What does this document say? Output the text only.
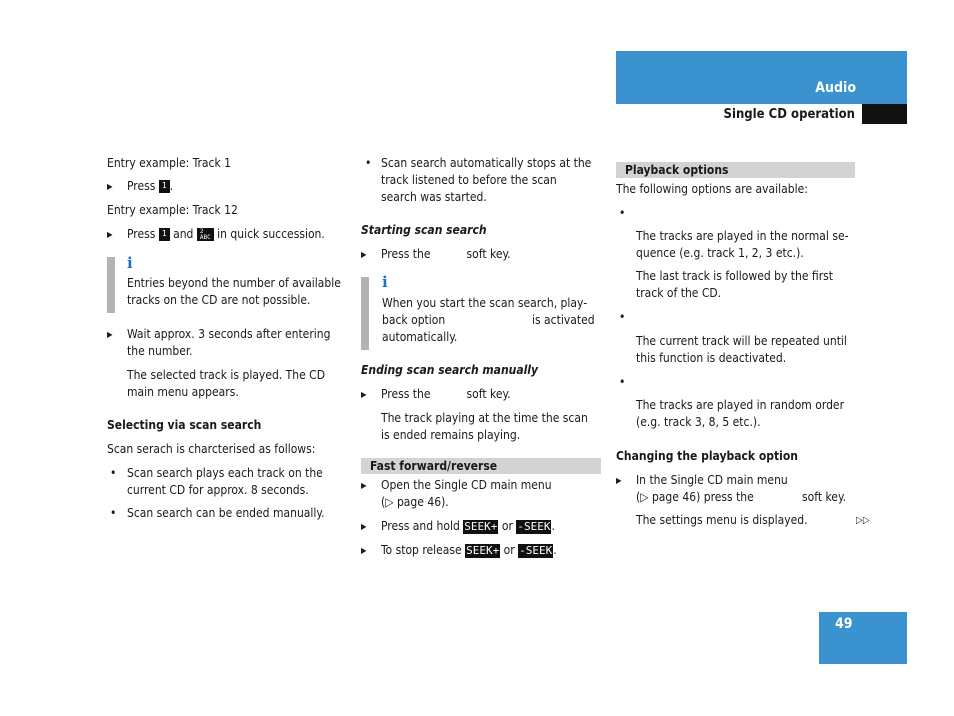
Audio
Single CD operation
Entry example: Track 1
▶ Press 1 .
Entry example: Track 12
▶ Press 1 and 2
ABC in quick succession.
i
Entries beyond the number of available
tracks on the CD are not possible.
▶ Wait approx. 3 seconds after entering
the number.
The selected track is played. The CD
main menu appears.
Selecting via scan search
Scan serach is charcterised as follows:
• Scan search plays each track on the
current CD for approx. 8 seconds.
• Scan search can be ended manually.
• Scan search automatically stops at the
track listened to before the scan
search was started.
Starting scan search
▶ Press the	soft key.
i
When you start the scan search, play-
back option	is activated
automatically.
Ending scan search manually
▶ Press the	soft key.
The track playing at the time the scan
is ended remains playing.
Fast forward/reverse
▶ Open the Single CD main menu
(▷ page 46).
▶ Press and hold SEEK+ or -SEEK.
▶ To stop release SEEK+ or -SEEK.
Playback options
The following options are available:
•
The tracks are played in the normal se-
quence (e.g. track 1, 2, 3 etc.).
The last track is followed by the first
track of the CD.
•
The current track will be repeated until
this function is deactivated.
•
The tracks are played in random order
(e.g. track 3, 8, 5 etc.).
Changing the playback option
▶ In the Single CD main menu
(▷ page 46) press the	soft key.
The settings menu is displayed.	▷▷
49
